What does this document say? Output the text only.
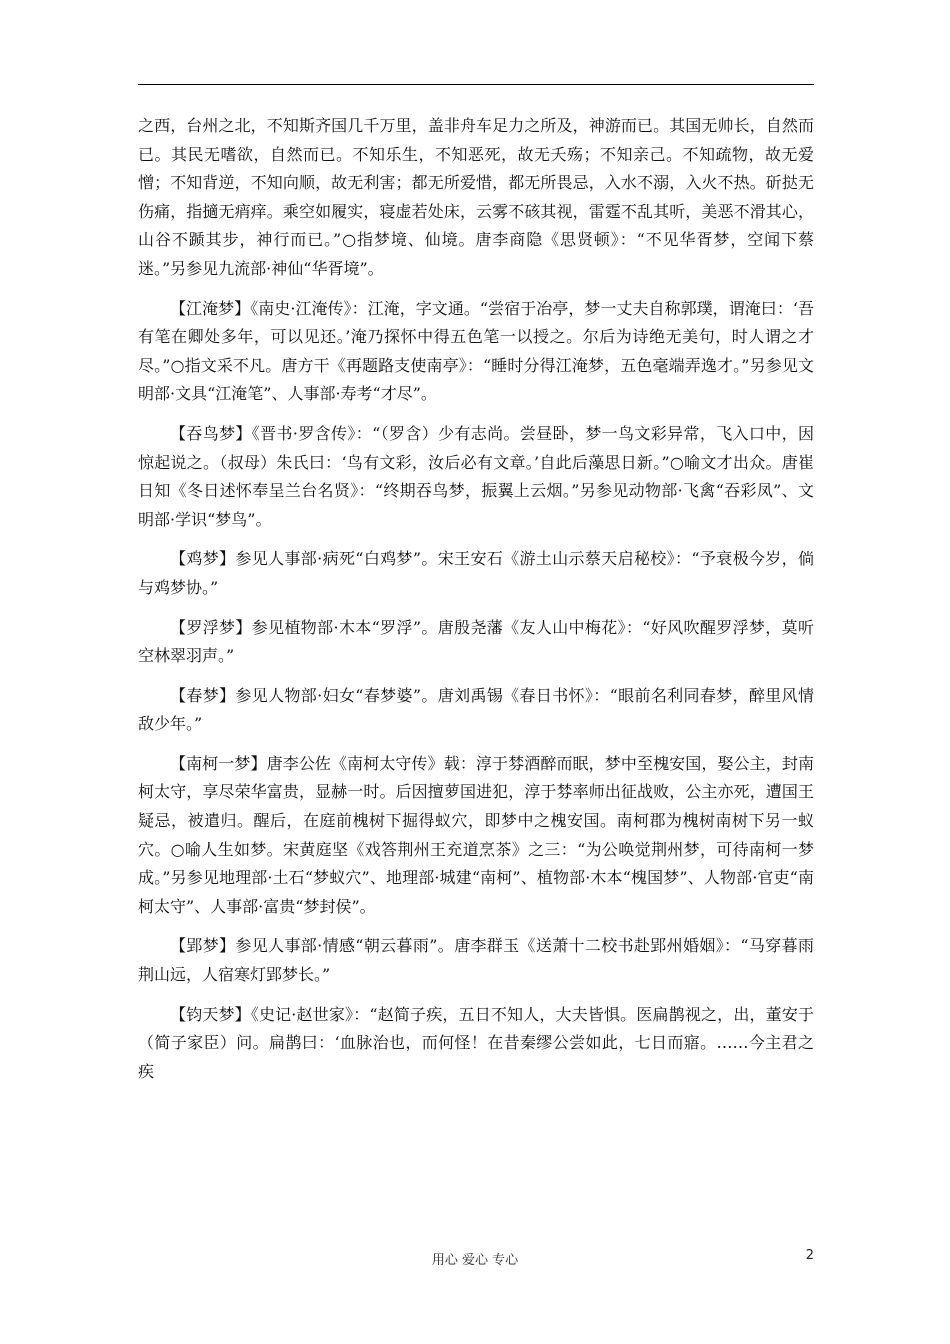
之西，台州之北，不知斯齐国几千万里，盖非舟车足力之所及，神游而已。其国无帅长，自然而已。其民无嗜欲，自然而已。不知乐生，不知恶死，故无夭殇；不知亲己。不知疏物，故无爱憎；不知背逆，不知向顺，故无利害；都无所爱惜，都无所畏忌，入水不溺，入火不热。斫挞无伤痛，指擿无痟痒。乘空如履实，寝虚若处床，云雾不硋其视，雷霆不乱其听，美恶不滑其心，山谷不踬其步，神行而已。”○指梦境、仙境。唐李商隐《思贤顿》：“不见华胥梦，空闻下蔡迷。”另参见九流部·神仙“华胥境”。

【江淹梦】《南史·江淹传》：江淹，字文通。“尝宿于冶亭，梦一丈夫自称郭璞，谓淹曰：‘吾有笔在卿处多年，可以见还。’淹乃探怀中得五色笔一以授之。尔后为诗绝无美句，时人谓之才尽。”○指文采不凡。唐方干《再题路支使南亭》：“睡时分得江淹梦，五色毫端弄逸才。”另参见文明部·文具“江淹笔”、人事部·寿考“才尽”。

【吞鸟梦】《晋书·罗含传》：“（罗含）少有志尚。尝昼卧，梦一鸟文彩异常，飞入口中，因惊起说之。（叔母）朱氏曰：‘鸟有文彩，汝后必有文章。’自此后藻思日新。”○喻文才出众。唐崔日知《冬日述怀奉呈兰台名贤》：“终期吞鸟梦，振翼上云烟。”另参见动物部·飞禽“吞彩凤”、文明部·学识“梦鸟”。

【鸡梦】参见人事部·病死“白鸡梦”。宋王安石《游土山示蔡天启秘校》：“予衰极今岁，倘与鸡梦协。”

【罗浮梦】参见植物部·木本“罗浮”。唐殷尧藩《友人山中梅花》：“好风吹醒罗浮梦，莫听空林翠羽声。”

【春梦】参见人物部·妇女“春梦婆”。唐刘禹锡《春日书怀》：“眼前名利同春梦，醉里风情敌少年。”

【南柯一梦】唐李公佐《南柯太守传》载：淳于棼酒醉而眠，梦中至槐安国，娶公主，封南柯太守，享尽荣华富贵，显赫一时。后因擅萝国进犯，淳于棼率师出征战败，公主亦死，遭国王疑忌，被遣归。醒后，在庭前槐树下掘得蚁穴，即梦中之槐安国。南柯郡为槐树南树下另一蚁穴。○喻人生如梦。宋黄庭坚《戏答荆州王充道烹茶》之三：“为公唤觉荆州梦，可待南柯一梦成。”另参见地理部·土石“梦蚁穴”、地理部·城建“南柯”、植物部·木本“槐国梦”、人物部·官吏“南柯太守”、人事部·富贵“梦封侯”。

【郢梦】参见人事部·情感“朝云暮雨”。唐李群玉《送萧十二校书赴郢州婚姻》：“马穿暮雨荆山远，人宿寒灯郢梦长。”

【钧天梦】《史记·赵世家》：“赵简子疾，五日不知人，大夫皆惧。医扁鹊视之，出，董安于（简子家臣）问。扁鹊曰：‘血脉治也，而何怪！在昔秦缪公尝如此，七日而寤。……今主君之疾

用心 爱心 专心	2
